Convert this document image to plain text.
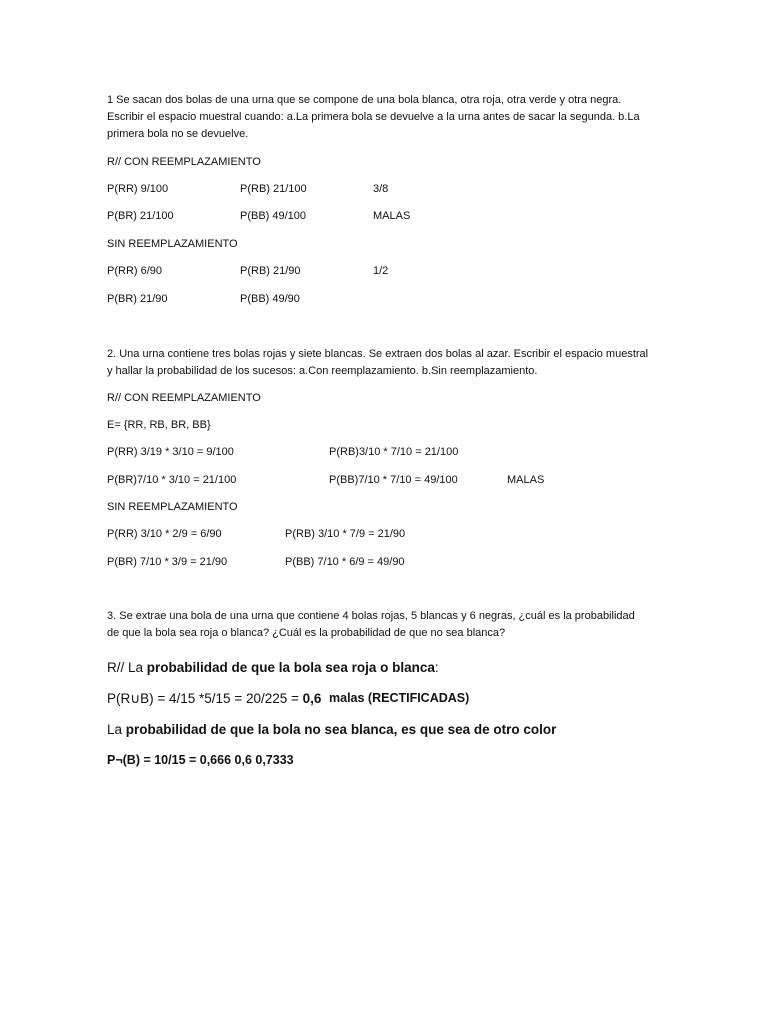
1 Se sacan dos bolas de una urna que se compone de una bola blanca, otra roja, otra verde y otra negra.
Escribir el espacio muestral cuando: a.La primera bola se devuelve a la urna antes de sacar la segunda. b.La
primera bola no se devuelve.
R// CON REEMPLAZAMIENTO
P(RR) 9/100	P(RB) 21/100	3/8
P(BR) 21/100	P(BB) 49/100	MALAS
SIN REEMPLAZAMIENTO
P(RR) 6/90	P(RB) 21/90	1/2
P(BR) 21/90	P(BB) 49/90
2. Una urna contiene tres bolas rojas y siete blancas. Se extraen dos bolas al azar. Escribir el espacio muestral
y hallar la probabilidad de los sucesos: a.Con reemplazamiento. b.Sin reemplazamiento.
R// CON REEMPLAZAMIENTO
E= {RR, RB, BR, BB}
P(RR) 3/19 * 3/10 = 9/100	P(RB)3/10 * 7/10 = 21/100
P(BR)7/10 * 3/10 = 21/100	P(BB)7/10 * 7/10 = 49/100	MALAS
SIN REEMPLAZAMIENTO
P(RR) 3/10 * 2/9 = 6/90	P(RB) 3/10 * 7/9 = 21/90
P(BR) 7/10 * 3/9 = 21/90	P(BB) 7/10 * 6/9 = 49/90
3. Se extrae una bola de una urna que contiene 4 bolas rojas, 5 blancas y 6 negras, ¿cuál es la probabilidad
de que la bola sea roja o blanca? ¿Cuál es la probabilidad de que no sea blanca?
R// La probabilidad de que la bola sea roja o blanca:
P(R∪B) = 4/15 *5/15 = 20/225 = 0,6 malas (RECTIFICADAS)
La probabilidad de que la bola no sea blanca, es que sea de otro color
P¬(B) = 10/15 = 0,666 0,6 0,7333
